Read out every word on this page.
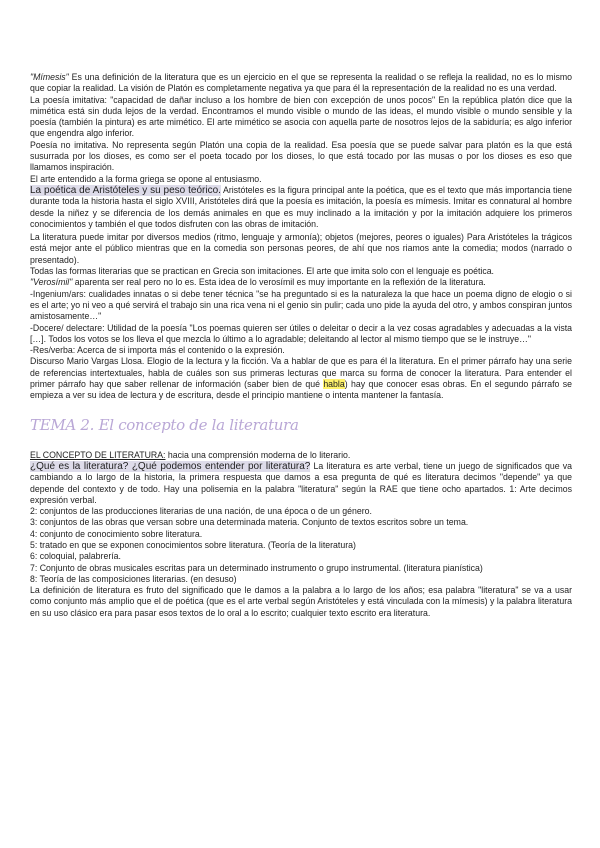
"Mímesis" Es una definición de la literatura que es un ejercicio en el que se representa la realidad o se refleja la realidad, no es lo mismo que copiar la realidad. La visión de Platón es completamente negativa ya que para él la representación de la realidad no es una verdad.

La poesía imitativa: "capacidad de dañar incluso a los hombre de bien con excepción de unos pocos" En la república platón dice que la mimética está sin duda lejos de la verdad. Encontramos el mundo visible o mundo de las ideas, el mundo visible o mundo sensible y la poesía (también la pintura) es arte mimético. El arte mimético se asocia con aquella parte de nosotros lejos de la sabiduría; es algo inferior que engendra algo inferior.

Poesía no imitativa. No representa según Platón una copia de la realidad. Esa poesía que se puede salvar para platón es la que está susurrada por los dioses, es como ser el poeta tocado por los dioses, lo que está tocado por las musas o por los dioses es eso que llamamos inspiración.

El arte entendido a la forma griega se opone al entusiasmo.

La poética de Aristóteles y su peso teórico. Aristóteles es la figura principal ante la poética, que es el texto que más importancia tiene durante toda la historia hasta el siglo XVIII, Aristóteles dirá que la poesía es imitación, la poesía es mímesis. Imitar es connatural al hombre desde la niñez y se diferencia de los demás animales en que es muy inclinado a la imitación y por la imitación adquiere los primeros conocimientos y también el que todos disfruten con las obras de imitación.

La literatura puede imitar por diversos medios (ritmo, lenguaje y armonía); objetos (mejores, peores o iguales) Para Aristóteles la trágicos está mejor ante el público mientras que en la comedia son personas peores, de ahí que nos riamos ante la comedia; modos (narrado o presentado).

Todas las formas literarias que se practican en Grecia son imitaciones. El arte que imita solo con el lenguaje es poética.

"Verosímil" aparenta ser real pero no lo es. Esta idea de lo verosímil es muy importante en la reflexión de la literatura.

-Ingenium/ars: cualidades innatas o si debe tener técnica "se ha preguntado si es la naturaleza la que hace un poema digno de elogio o si es el arte; yo ni veo a qué servirá el trabajo sin una rica vena ni el genio sin pulir; cada uno pide la ayuda del otro, y ambos conspiran juntos amistosamente…"

-Docere/ delectare: Utilidad de la poesía "Los poemas quieren ser útiles o deleitar o decir a la vez cosas agradables y adecuadas a la vista […]. Todos los votos se los lleva el que mezcla lo último a lo agradable; deleitando al lector al mismo tiempo que se le instruye…"

-Res/verba: Acerca de si importa más el contenido o la expresión.

Discurso Mario Vargas Llosa. Elogio de la lectura y la ficción. Va a hablar de que es para él la literatura. En el primer párrafo hay una serie de referencias intertextuales, habla de cuáles son sus primeras lecturas que marca su forma de conocer la literatura. Para entender el primer párrafo hay que saber rellenar de información (saber bien de qué habla) hay que conocer esas obras. En el segundo párrafo se empieza a ver su idea de lectura y de escritura, desde el principio mantiene o intenta mantener la fantasía.

TEMA 2. El concepto de la literatura

EL CONCEPTO DE LITERATURA: hacia una comprensión moderna de lo literario.

¿Qué es la literatura? ¿Qué podemos entender por literatura? La literatura es arte verbal, tiene un juego de significados que va cambiando a lo largo de la historia, la primera respuesta que damos a esa pregunta de qué es literatura decimos "depende" ya que depende del contexto y de todo. Hay una polisemia en la palabra "literatura" según la RAE que tiene ocho apartados. 1: Arte decimos expresión verbal.

2: conjuntos de las producciones literarias de una nación, de una época o de un género.

3: conjuntos de las obras que versan sobre una determinada materia. Conjunto de textos escritos sobre un tema.

4: conjunto de conocimiento sobre literatura.

5: tratado en que se exponen conocimientos sobre literatura. (Teoría de la literatura)

6: coloquial, palabrería.

7: Conjunto de obras musicales escritas para un determinado instrumento o grupo instrumental. (literatura pianística)

8: Teoría de las composiciones literarias. (en desuso)

La definición de literatura es fruto del significado que le damos a la palabra a lo largo de los años; esa palabra "literatura" se va a usar como conjunto más amplio que el de poética (que es el arte verbal según Aristóteles y está vinculada con la mímesis) y la palabra literatura en su uso clásico era para pasar esos textos de lo oral a lo escrito; cualquier texto escrito era literatura.
